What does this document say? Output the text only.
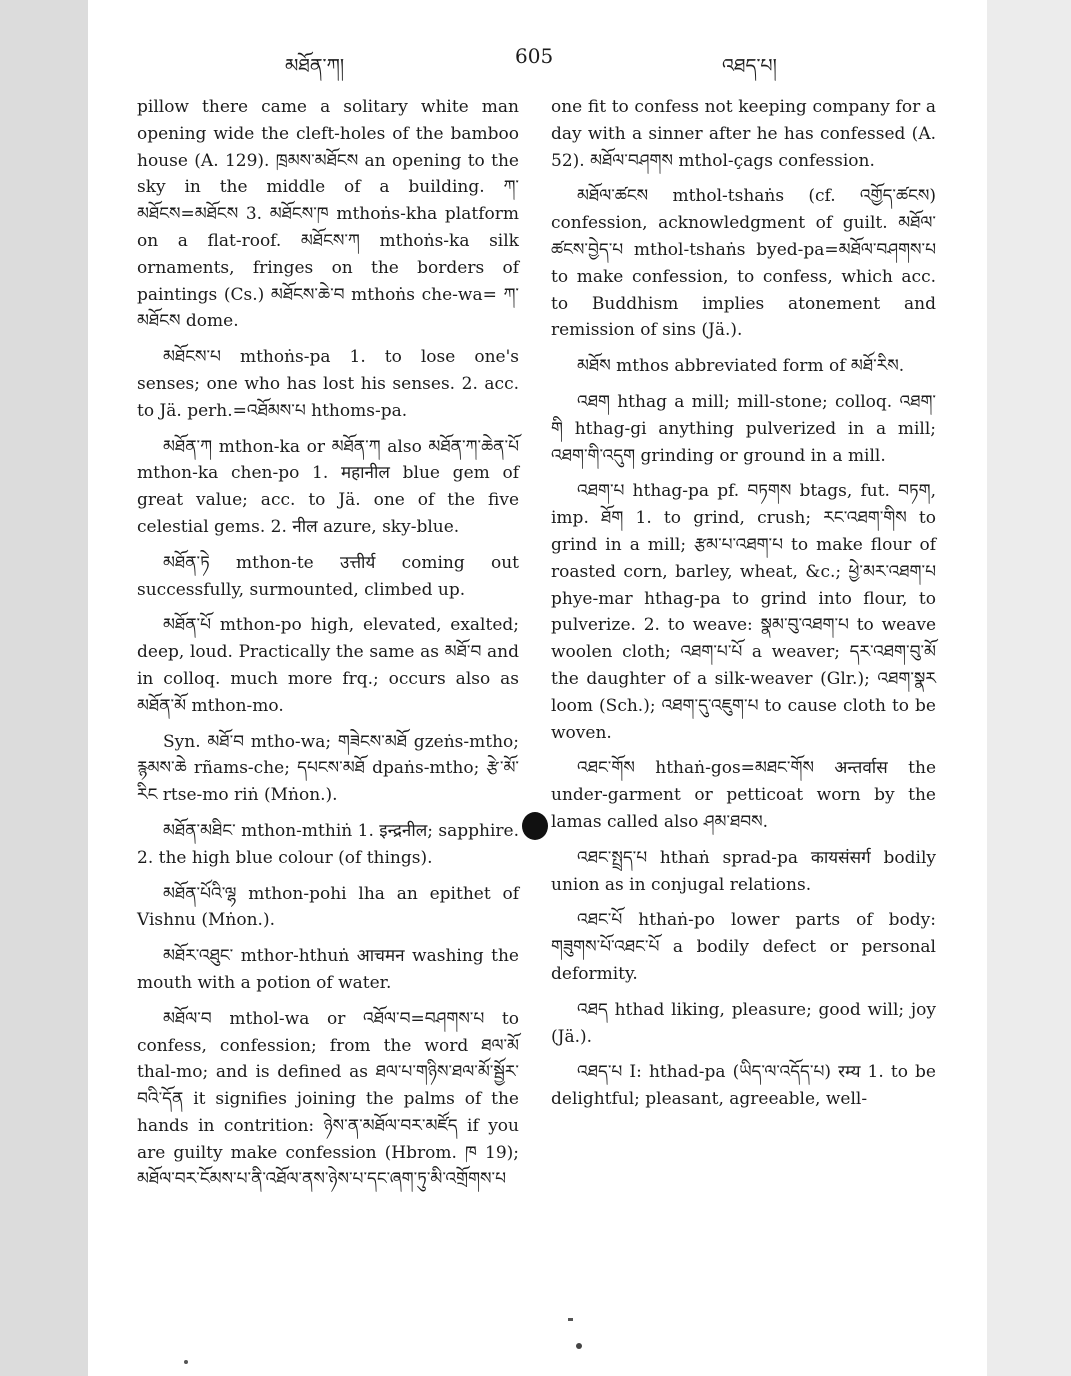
མཐོན་ཀ།	605	འཐད་པ།

pillow there came a solitary white man opening wide the cleft-holes of the bamboo house (A. 129). ཁྲམས་མཐོངས an opening to the sky in the middle of a building. ཀ་མཐོངས=མཐོངས 3. མཐོངས་ཁ mthoṅs-kha platform on a flat-roof. མཐོངས་ཀ mthoṅs-ka silk ornaments, fringes on the borders of paintings (Cs.) མཐོངས་ཆེ་བ mthoṅs che-wa= ཀ་མཐོངས dome.

མཐོངས་པ mthoṅs-pa 1. to lose one's senses; one who has lost his senses. 2. acc. to Jä. perh.=འཐོམས་པ hthoms-pa.

མཐོན་ཀ mthon-ka or མཐོན་ཀ also མཐོན་ཀ་ཆེན་པོ mthon-ka chen-po 1. महानील blue gem of great value; acc. to Jä. one of the five celestial gems. 2. नील azure, sky-blue.

མཐོན་ཏེ mthon-te उत्तीर्य coming out successfully, surmounted, climbed up.

མཐོན་པོ mthon-po high, elevated, exalted; deep, loud. Practically the same as མཐོ་བ and in colloq. much more frq.; occurs also as མཐོན་མོ mthon-mo.

Syn. མཐོ་བ mtho-wa; གཟེངས་མཐོ gzeṅs-mtho; རྙམས་ཆེ rñams-che; དཔངས་མཐོ dpaṅs-mtho; རྩེ་མོ་རིང rtse-mo riṅ (Mṅon.).

མཐོན་མཐིང་ mthon-mthiṅ 1. इन्द्रनील; sapphire. 2. the high blue colour (of things).

མཐོན་པོའི་ལྷ mthon-pohi lha an epithet of Vishnu (Mṅon.).

མཐོར་འཐུང་ mthor-hthuṅ आचमन washing the mouth with a potion of water.

མཐོལ་བ mthol-wa or འཐོལ་བ=བཤགས་པ to confess, confession; from the word ཐལ་མོ thal-mo; and is defined as ཐལ་པ་གཉིས་ཐལ་མོ་སྦྱོར་བའི་དོན it signifies joining the palms of the hands in contrition: ཉེས་ན་མཐོལ་བར་མཛོད if you are guilty make confession (Hbrom. ཁ 19); མཐོལ་བར་ངོམས་པ་ནི་འཐོལ་ནས་ཉེས་པ་དང་ཞག་ཏུ་མི་འགྲོགས་པ

one fit to confess not keeping company for a day with a sinner after he has confessed (A. 52). མཐོལ་བཤགས mthol-çags confession.

མཐོལ་ཚངས mthol-tshaṅs (cf. འགྱོད་ཚངས) confession, acknowledgment of guilt. མཐོལ་ཚངས་བྱེད་པ mthol-tshaṅs byed-pa=མཐོལ་བཤགས་པ to make confession, to confess, which acc. to Buddhism implies atonement and remission of sins (Jä.).

མཐོས mthos abbreviated form of མཐོ་རིས.

འཐག hthag a mill; mill-stone; colloq. འཐག་གི hthag-gi anything pulverized in a mill; འཐག་གི་འདུག grinding or ground in a mill.

འཐག་པ hthag-pa pf. བཏགས btags, fut. བཏག, imp. ཐོག 1. to grind, crush; རང་འཐག་གིས to grind in a mill; རྩམ་པ་འཐག་པ to make flour of roasted corn, barley, wheat, &c.; ཕྱེ་མར་འཐག་པ phye-mar hthag-pa to grind into flour, to pulverize. 2. to weave: སྣམ་བུ་འཐག་པ to weave woolen cloth; འཐག་པ་པོ a weaver; དར་འཐག་བུ་མོ the daughter of a silk-weaver (Glr.); འཐག་སྣར loom (Sch.); འཐག་དུ་འཇུག་པ to cause cloth to be woven.

འཐང་གོས hthaṅ-gos=མཐང་གོས अन्तर्वास the under-garment or petticoat worn by the lamas called also ཤམ་ཐབས.

འཐང་སྤྲད་པ hthaṅ sprad-pa कायसंसर्ग bodily union as in conjugal relations.

འཐང་པོ hthaṅ-po lower parts of body: གཟུགས་པོ་འཐང་པོ a bodily defect or personal deformity.

འཐད hthad liking, pleasure; good will; joy (Jä.).

འཐད་པ I: hthad-pa (ཡིད་ལ་འདོད་པ) रम्य 1. to be delightful; pleasant, agreeable, well-
